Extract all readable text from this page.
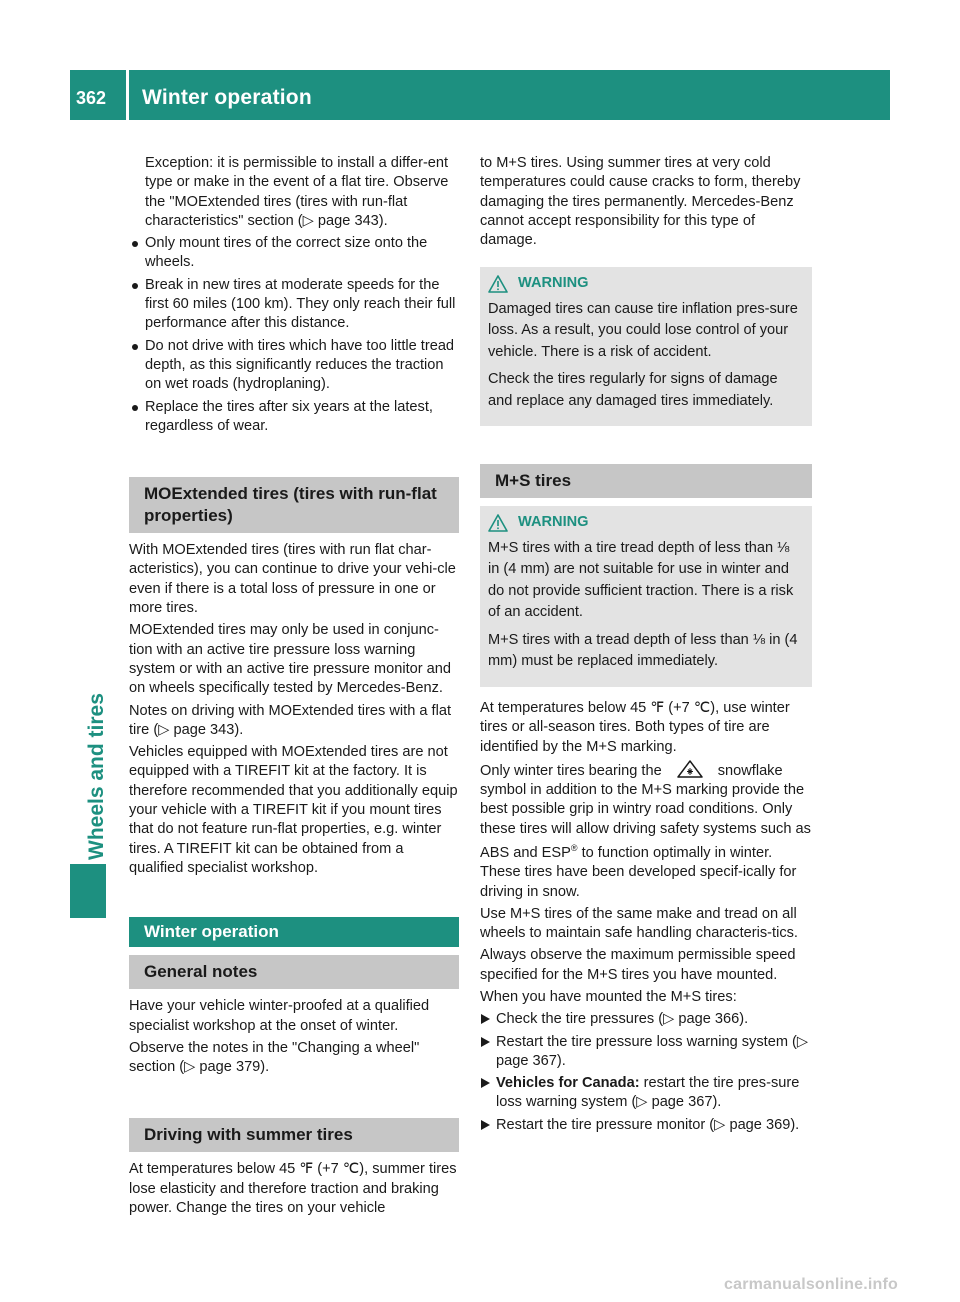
362 Winter operation
Wheels and tires

Exception: it is permissible to install a differ-ent type or make in the event of a flat tire. Observe the "MOExtended tires (tires with run-flat characteristics" section (▷ page 343).

Only mount tires of the correct size onto the wheels.
Break in new tires at moderate speeds for the first 60 miles (100 km). They only reach their full performance after this distance.
Do not drive with tires which have too little tread depth, as this significantly reduces the traction on wet roads (hydroplaning).
Replace the tires after six years at the latest, regardless of wear.
MOExtended tires (tires with run-flat properties)

With MOExtended tires (tires with run flat char-acteristics), you can continue to drive your vehi-cle even if there is a total loss of pressure in one or more tires.

MOExtended tires may only be used in conjunc-tion with an active tire pressure loss warning system or with an active tire pressure monitor and on wheels specifically tested by Mercedes-Benz.

Notes on driving with MOExtended tires with a flat tire (▷ page 343).

Vehicles equipped with MOExtended tires are not equipped with a TIREFIT kit at the factory. It is therefore recommended that you additionally equip your vehicle with a TIREFIT kit if you mount tires that do not feature run-flat properties, e.g. winter tires. A TIREFIT kit can be obtained from a qualified specialist workshop.

Winter operation
General notes

Have your vehicle winter-proofed at a qualified specialist workshop at the onset of winter.

Observe the notes in the "Changing a wheel" section (▷ page 379).

Driving with summer tires

At temperatures below 45 ℉ (+7 ℃), summer tires lose elasticity and therefore traction and braking power. Change the tires on your vehicle

to M+S tires. Using summer tires at very cold temperatures could cause cracks to form, thereby damaging the tires permanently. Mercedes-Benz cannot accept responsibility for this type of damage.

WARNING

Damaged tires can cause tire inflation pres-sure loss. As a result, you could lose control of your vehicle. There is a risk of accident.

Check the tires regularly for signs of damage and replace any damaged tires immediately.

M+S tires
WARNING

M+S tires with a tire tread depth of less than ⅛ in (4 mm) are not suitable for use in winter and do not provide sufficient traction. There is a risk of an accident.

M+S tires with a tread depth of less than ⅛ in (4 mm) must be replaced immediately.

At temperatures below 45 ℉ (+7 ℃), use winter tires or all-season tires. Both types of tire are identified by the M+S marking.

Only winter tires bearing the	snowflake symbol in addition to the M+S marking provide the best possible grip in wintry road conditions. Only these tires will allow driving safety systems such as ABS and ESP® to function optimally in winter. These tires have been developed specif-ically for driving in snow.

Use M+S tires of the same make and tread on all wheels to maintain safe handling characteris-tics.

Always observe the maximum permissible speed specified for the M+S tires you have mounted.

When you have mounted the M+S tires:

Check the tire pressures (▷ page 366).
Restart the tire pressure loss warning system (▷ page 367).
Vehicles for Canada: restart the tire pres-sure loss warning system (▷ page 367).
Restart the tire pressure monitor (▷ page 369).
carmanualsonline.info
